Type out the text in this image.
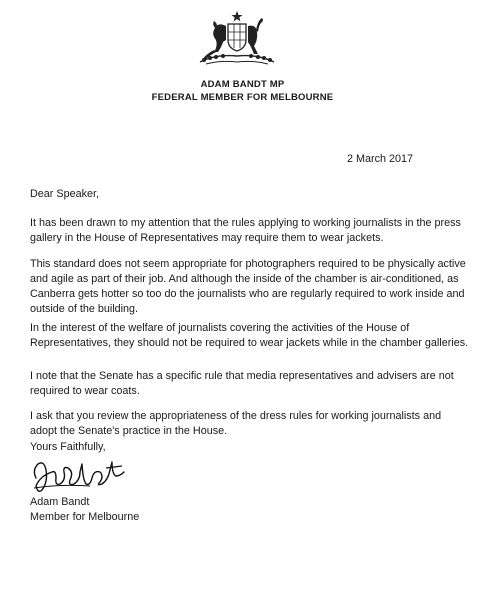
ADAM BANDT MP
FEDERAL MEMBER FOR MELBOURNE
2 March 2017
Dear Speaker,
It has been drawn to my attention that the rules applying to working journalists in the press
gallery in the House of Representatives may require them to wear jackets.
This standard does not seem appropriate for photographers required to be physically active
and agile as part of their job. And although the inside of the chamber is air-conditioned, as
Canberra gets hotter so too do the journalists who are regularly required to work inside and
outside of the building.
In the interest of the welfare of journalists covering the activities of the House of
Representatives, they should not be required to wear jackets while in the chamber galleries.
I note that the Senate has a specific rule that media representatives and advisers are not
required to wear coats.
I ask that you review the appropriateness of the dress rules for working journalists and
adopt the Senate's practice in the House.
Yours Faithfully,
Adam Bandt
Member for Melbourne
